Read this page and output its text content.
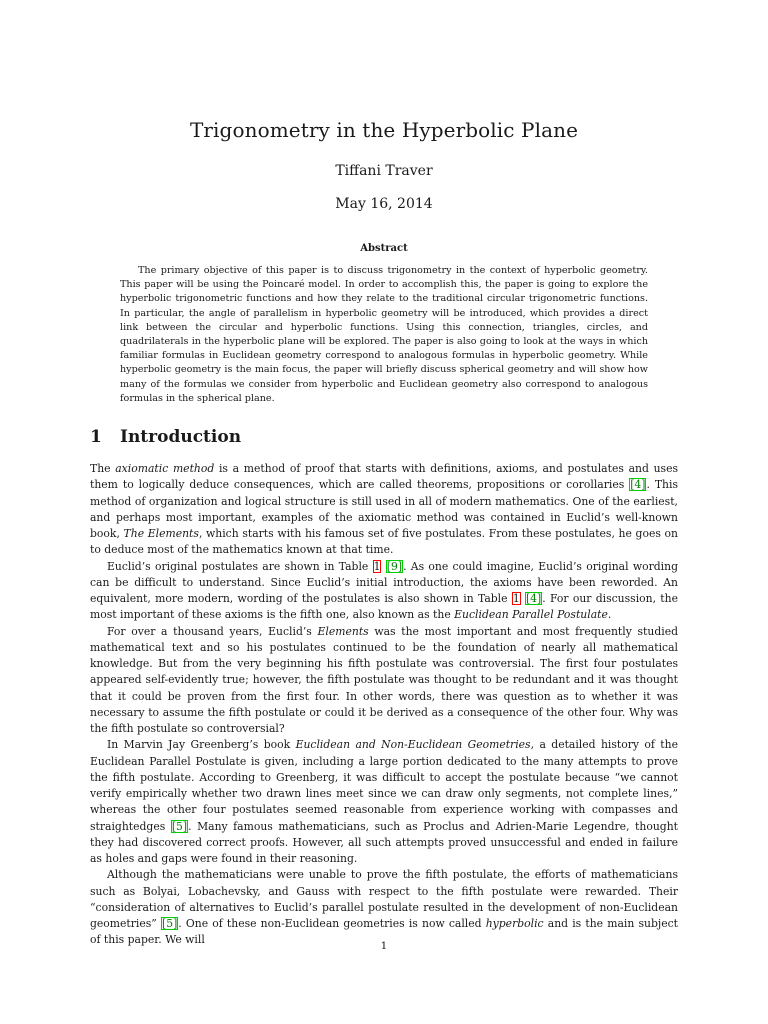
Trigonometry in the Hyperbolic Plane
Tiffani Traver
May 16, 2014
Abstract

The primary objective of this paper is to discuss trigonometry in the context of hyperbolic geometry. This paper will be using the Poincaré model. In order to accomplish this, the paper is going to explore the hyperbolic trigonometric functions and how they relate to the traditional circular trigonometric functions. In particular, the angle of parallelism in hyperbolic geometry will be introduced, which provides a direct link between the circular and hyperbolic functions. Using this connection, triangles, circles, and quadrilaterals in the hyperbolic plane will be explored. The paper is also going to look at the ways in which familiar formulas in Euclidean geometry correspond to analogous formulas in hyperbolic geometry. While hyperbolic geometry is the main focus, the paper will briefly discuss spherical geometry and will show how many of the formulas we consider from hyperbolic and Euclidean geometry also correspond to analogous formulas in the spherical plane.

1 Introduction

The axiomatic method is a method of proof that starts with definitions, axioms, and postulates and uses them to logically deduce consequences, which are called theorems, propositions or corollaries [4]. This method of organization and logical structure is still used in all of modern mathematics. One of the earliest, and perhaps most important, examples of the axiomatic method was contained in Euclid’s well-known book, The Elements, which starts with his famous set of five postulates. From these postulates, he goes on to deduce most of the mathematics known at that time.

Euclid’s original postulates are shown in Table 1 [9]. As one could imagine, Euclid’s original wording can be difficult to understand. Since Euclid’s initial introduction, the axioms have been reworded. An equivalent, more modern, wording of the postulates is also shown in Table 1 [4]. For our discussion, the most important of these axioms is the fifth one, also known as the Euclidean Parallel Postulate.

For over a thousand years, Euclid’s Elements was the most important and most frequently studied mathematical text and so his postulates continued to be the foundation of nearly all mathematical knowledge. But from the very beginning his fifth postulate was controversial. The first four postulates appeared self-evidently true; however, the fifth postulate was thought to be redundant and it was thought that it could be proven from the first four. In other words, there was question as to whether it was necessary to assume the fifth postulate or could it be derived as a consequence of the other four. Why was the fifth postulate so controversial?

In Marvin Jay Greenberg’s book Euclidean and Non-Euclidean Geometries, a detailed history of the Euclidean Parallel Postulate is given, including a large portion dedicated to the many attempts to prove the fifth postulate. According to Greenberg, it was difficult to accept the postulate because “we cannot verify empirically whether two drawn lines meet since we can draw only segments, not complete lines,” whereas the other four postulates seemed reasonable from experience working with compasses and straightedges [5]. Many famous mathematicians, such as Proclus and Adrien-Marie Legendre, thought they had discovered correct proofs. However, all such attempts proved unsuccessful and ended in failure as holes and gaps were found in their reasoning.

Although the mathematicians were unable to prove the fifth postulate, the efforts of mathematicians such as Bolyai, Lobachevsky, and Gauss with respect to the fifth postulate were rewarded. Their “consideration of alternatives to Euclid’s parallel postulate resulted in the development of non-Euclidean geometries” [5]. One of these non-Euclidean geometries is now called hyperbolic and is the main subject of this paper. We will	1
